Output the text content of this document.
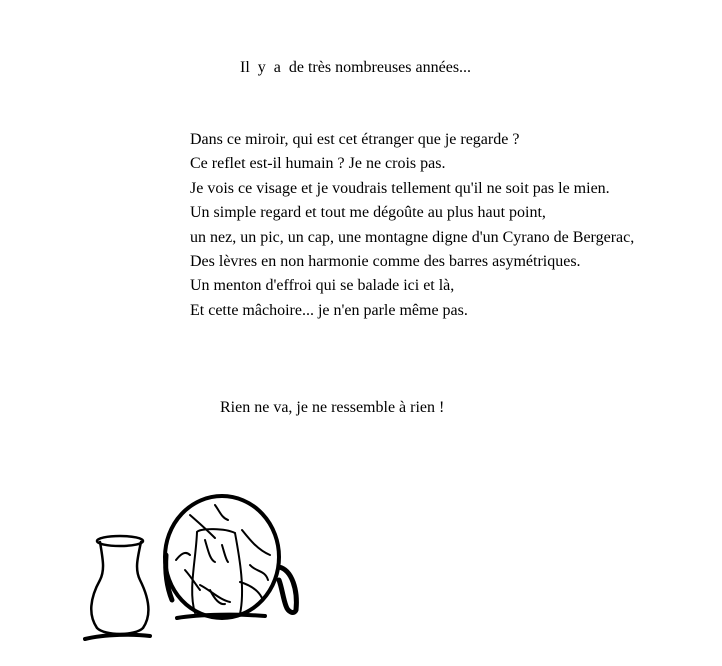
Il  y  a  de très nombreuses années...
Dans ce miroir, qui est cet étranger que je regarde ?
Ce reflet est-il humain ? Je ne crois pas.
Je vois ce visage et je voudrais tellement qu'il ne soit pas le mien.
Un simple regard et tout me dégoûte au plus haut point,
un nez, un pic, un cap, une montagne digne d'un Cyrano de Bergerac,
Des lèvres en non harmonie comme des barres asymétriques.
Un menton d'effroi qui se balade ici et là,
Et cette mâchoire... je n'en parle même pas.
Rien ne va, je ne ressemble à rien !
